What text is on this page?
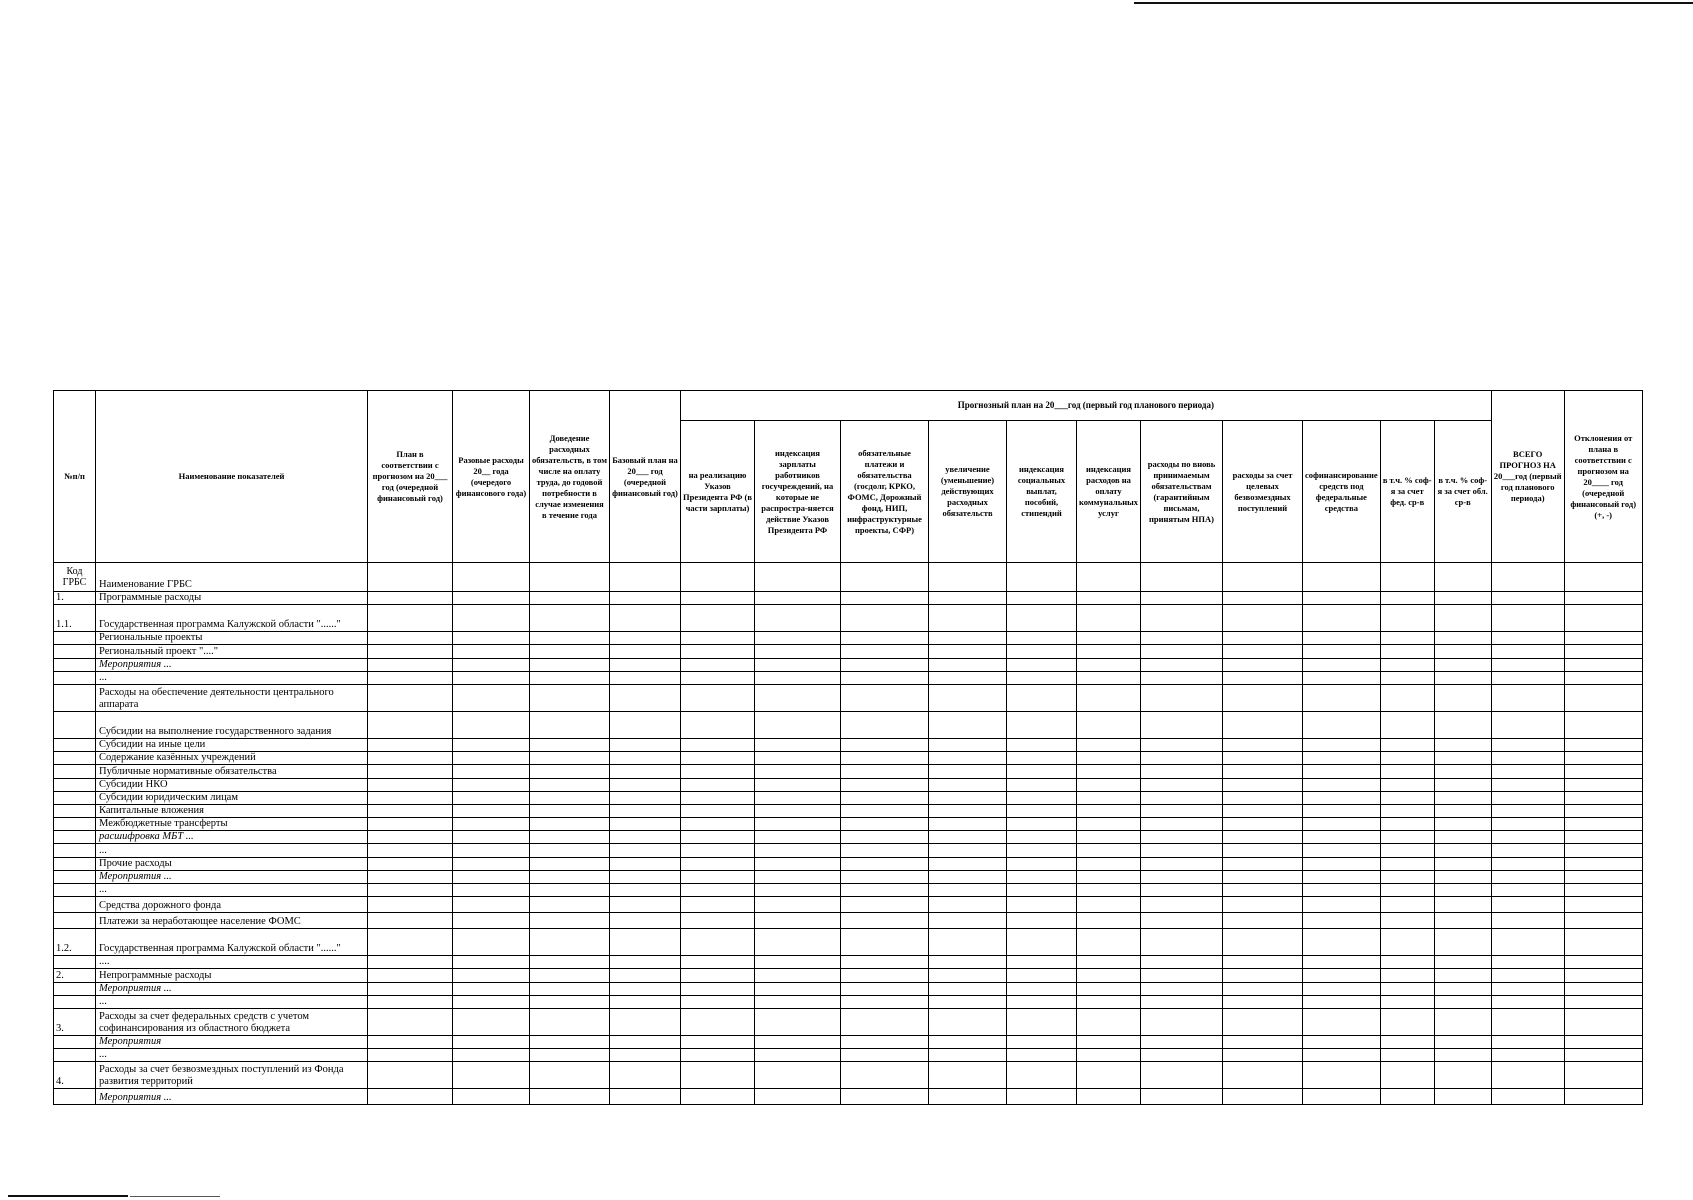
№п/п	Наименование показателей	План в соответствии с прогнозом на 20___ год (очередной финансовый год)	Разовые расходы 20__ года (очередого финансового года)	Доведение расходных обязательств, в том числе на оплату труда, до годовой потребности в случае изменения в течение года	Базовый план на 20___ год (очередной финансовый год)	Прогнозный план на 20___год (первый год планового периода)											ВСЕГО ПРОГНОЗ НА 20___год (первый год планового периода)	Отклонения от плана в соответствии с прогнозом на 20____ год (очередной финансовый год) (+, -)
						на реализацию Указов Президента РФ (в части зарплаты)	индексация зарплаты работников госучреждений, на которые не распростра-няется действие Указов Президента РФ	обязательные платежи и обязательства (госдолг, КРКО, ФОМС, Дорожный фонд, НИП, инфраструктурные проекты, СФР)	увеличение (уменьшение) действующих расходных обязательств	индексация социальных выплат, пособий, стипендий	индексация расходов на оплату коммунальных услуг	расходы по вновь принимаемым обязательствам (гарантийным письмам, принятым НПА)	расходы за счет целевых безвозмездных поступлений	софинансирование средств под федеральные средства	в т.ч. % соф-я за счет фед. ср-в	в т.ч. % соф-я за счет обл. ср-в		
Код ГРБС	Наименование ГРБС																	
1.	Программные расходы																	
1.1.	Государственная программа Калужской области "......"																	
	Региональные проекты																	
	Региональный проект "...."																	
	Мероприятия ...																	
	...																	
	Расходы на обеспечение деятельности центрального аппарата																	
	Субсидии на выполнение государственного задания																	
	Субсидии на иные цели																	
	Содержание казённых учреждений																	
	Публичные нормативные обязательства																	
	Субсидии НКО																	
	Субсидии юридическим лицам																	
	Капитальные вложения																	
	Межбюджетные трансферты																	
	расшифровка МБТ ...																	
	...																	
	Прочие расходы																	
	Мероприятия ...																	
	...																	
	Средства дорожного фонда																	
	Платежи за неработающее население ФОМС																	
1.2.	Государственная программа Калужской области "......"																	
	....																	
2.	Непрограммные расходы																	
	Мероприятия ...																	
	...																	
3.	Расходы за счет федеральных средств с учетом софинансирования из областного бюджета																	
	Мероприятия																	
	...																	
4.	Расходы за счет безвозмездных поступлений из Фонда развития территорий																	
	Мероприятия ...																	
